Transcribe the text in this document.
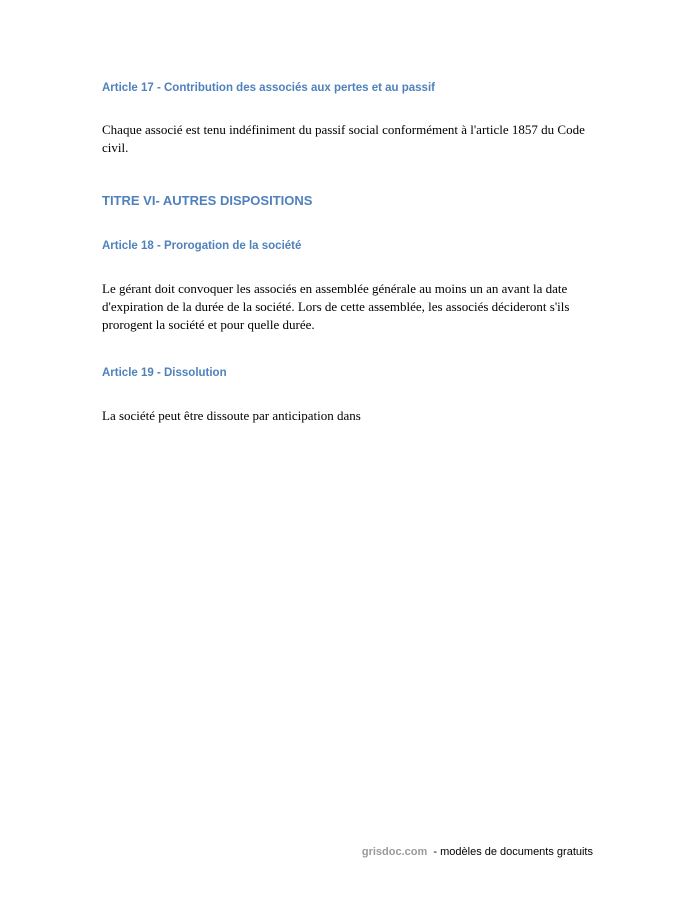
Article 17 - Contribution des associés aux pertes et au passif
Chaque associé est tenu indéfiniment du passif social conformément à l'article 1857 du Code civil.
TITRE VI- AUTRES DISPOSITIONS
Article 18 - Prorogation de la société
Le gérant doit convoquer les associés en assemblée générale au moins un an avant la date d'expiration de la durée de la société. Lors de cette assemblée, les associés décideront s'ils prorogent la société et pour quelle durée.
Article 19 - Dissolution
La société peut être dissoute par anticipation dans
grisdoc.com - modèles de documents gratuits
